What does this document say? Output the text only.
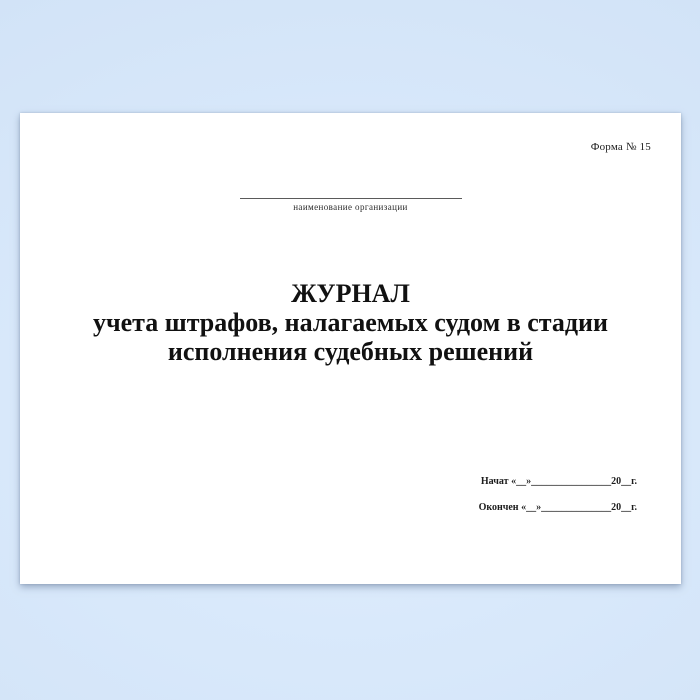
Форма № 15
наименование организации
ЖУРНАЛ
учета штрафов, налагаемых судом в стадии
исполнения судебных решений
Начат «__»________________20__г.
Окончен «__»______________20__г.
